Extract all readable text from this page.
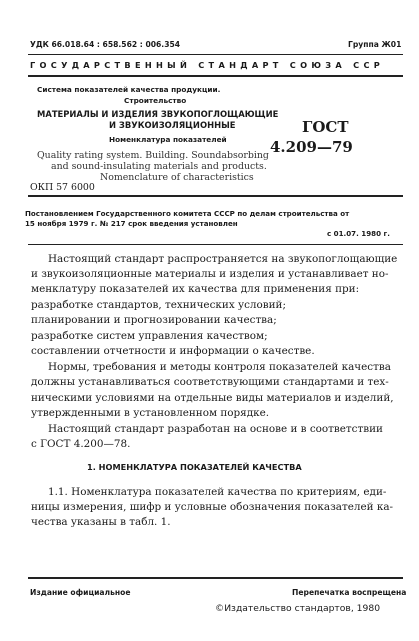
УДК 66.018.64 : 658.562 : 006.354	Группа Ж01
ГОСУДАРСТВЕННЫЙ СТАНДАРТ СОЮЗА ССР
Система показателей качества продукции.
Строительство
МАТЕРИАЛЫ И ИЗДЕЛИЯ ЗВУКОПОГЛОЩАЮЩИЕ
И ЗВУКОИЗОЛЯЦИОННЫЕ
Номенклатура показателей
ГОСТ
4.209—79
Quality rating system. Building. Soundabsorbing
and sound-insulating materials and products.
Nomenclature of characteristics
ОКП 57 6000
Постановлением Государственного комитета СССР по делам строительства от
15 ноября 1979 г. № 217 срок введения установлен
с 01.07. 1980 г.
Настоящий стандарт распространяется на звукопоглощающие
и звукоизоляционные материалы и изделия и устанавливает но-
менклатуру показателей их качества для применения при:
разработке стандартов, технических условий;
планировании и прогнозировании качества;
разработке систем управления качеством;
составлении отчетности и информации о качестве.
Нормы, требования и методы контроля показателей качества
должны устанавливаться соответствующими стандартами и тех-
ническими условиями на отдельные виды материалов и изделий,
утвержденными в установленном порядке.
Настоящий стандарт разработан на основе и в соответствии
с ГОСТ 4.200—78.
1. НОМЕНКЛАТУРА ПОКАЗАТЕЛЕЙ КАЧЕСТВА
1.1. Номенклатура показателей качества по критериям, еди-
ницы измерения, шифр и условные обозначения показателей ка-
чества указаны в табл. 1.
Издание официальное	Перепечатка воспрещена
©Издательство стандартов, 1980
